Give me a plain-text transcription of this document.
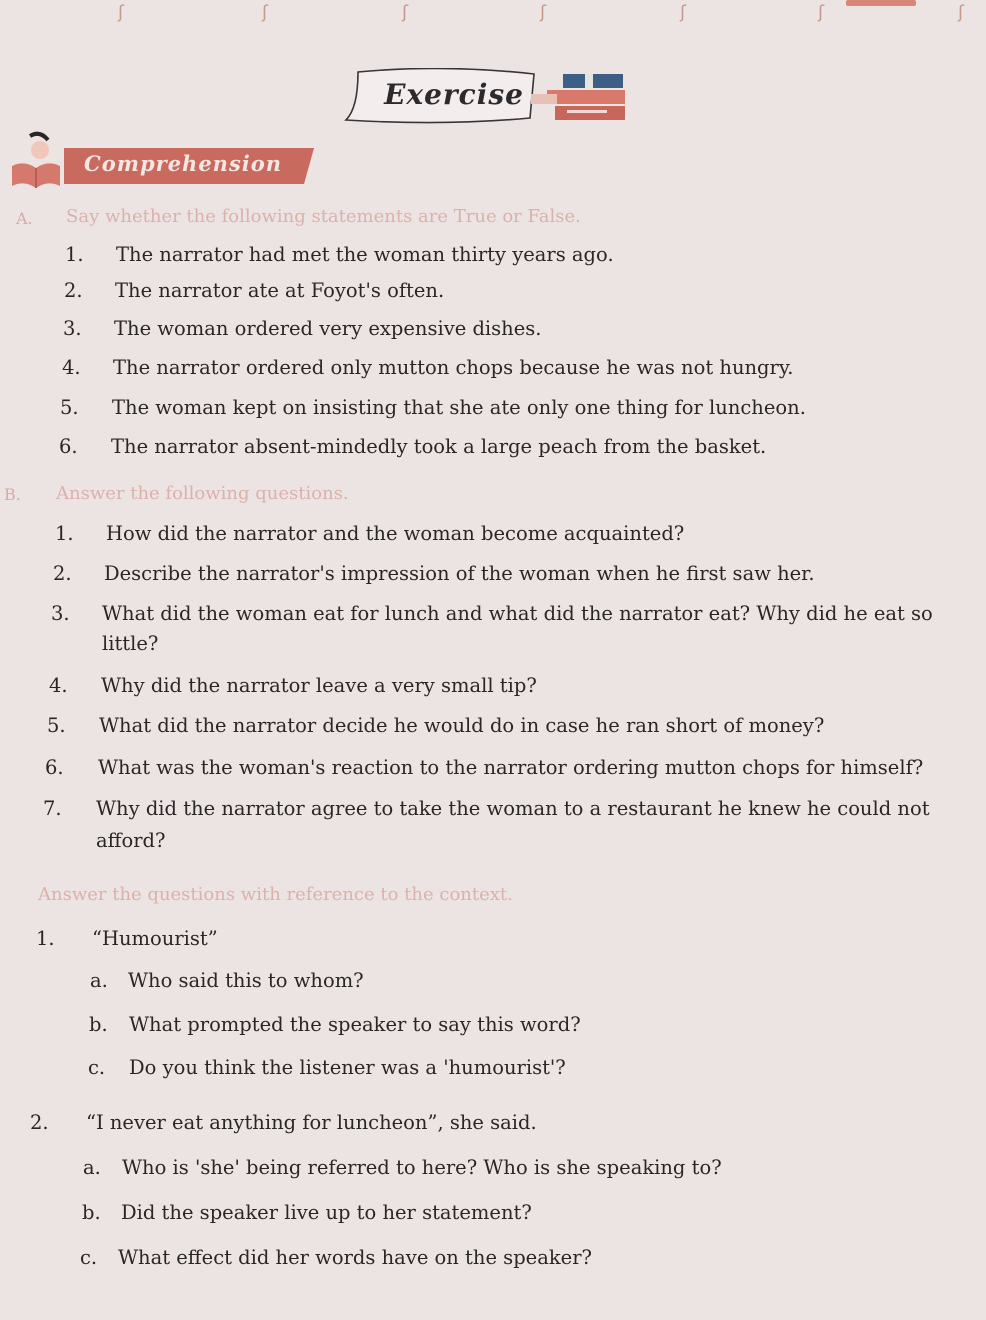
ʃ	ʃ	ʃ	ʃ	ʃ	ʃ	ʃ
Exercise
Comprehension
A. Say whether the following statements are True or False.
1. The narrator had met the woman thirty years ago.
2. The narrator ate at Foyot's often.
3. The woman ordered very expensive dishes.
4. The narrator ordered only mutton chops because he was not hungry.
5. The woman kept on insisting that she ate only one thing for luncheon.
6. The narrator absent-mindedly took a large peach from the basket.
B. Answer the following questions.
1. How did the narrator and the woman become acquainted?
2. Describe the narrator's impression of the woman when he first saw her.
3. What did the woman eat for lunch and what did the narrator eat? Why did he eat so
little?
4. Why did the narrator leave a very small tip?
5. What did the narrator decide he would do in case he ran short of money?
6. What was the woman's reaction to the narrator ordering mutton chops for himself?
7. Why did the narrator agree to take the woman to a restaurant he knew he could not
afford?
Answer the questions with reference to the context.
1. “Humourist”
a. Who said this to whom?
b. What prompted the speaker to say this word?
c. Do you think the listener was a 'humourist'?
2. “I never eat anything for luncheon”, she said.
a. Who is 'she' being referred to here? Who is she speaking to?
b. Did the speaker live up to her statement?
c. What effect did her words have on the speaker?
